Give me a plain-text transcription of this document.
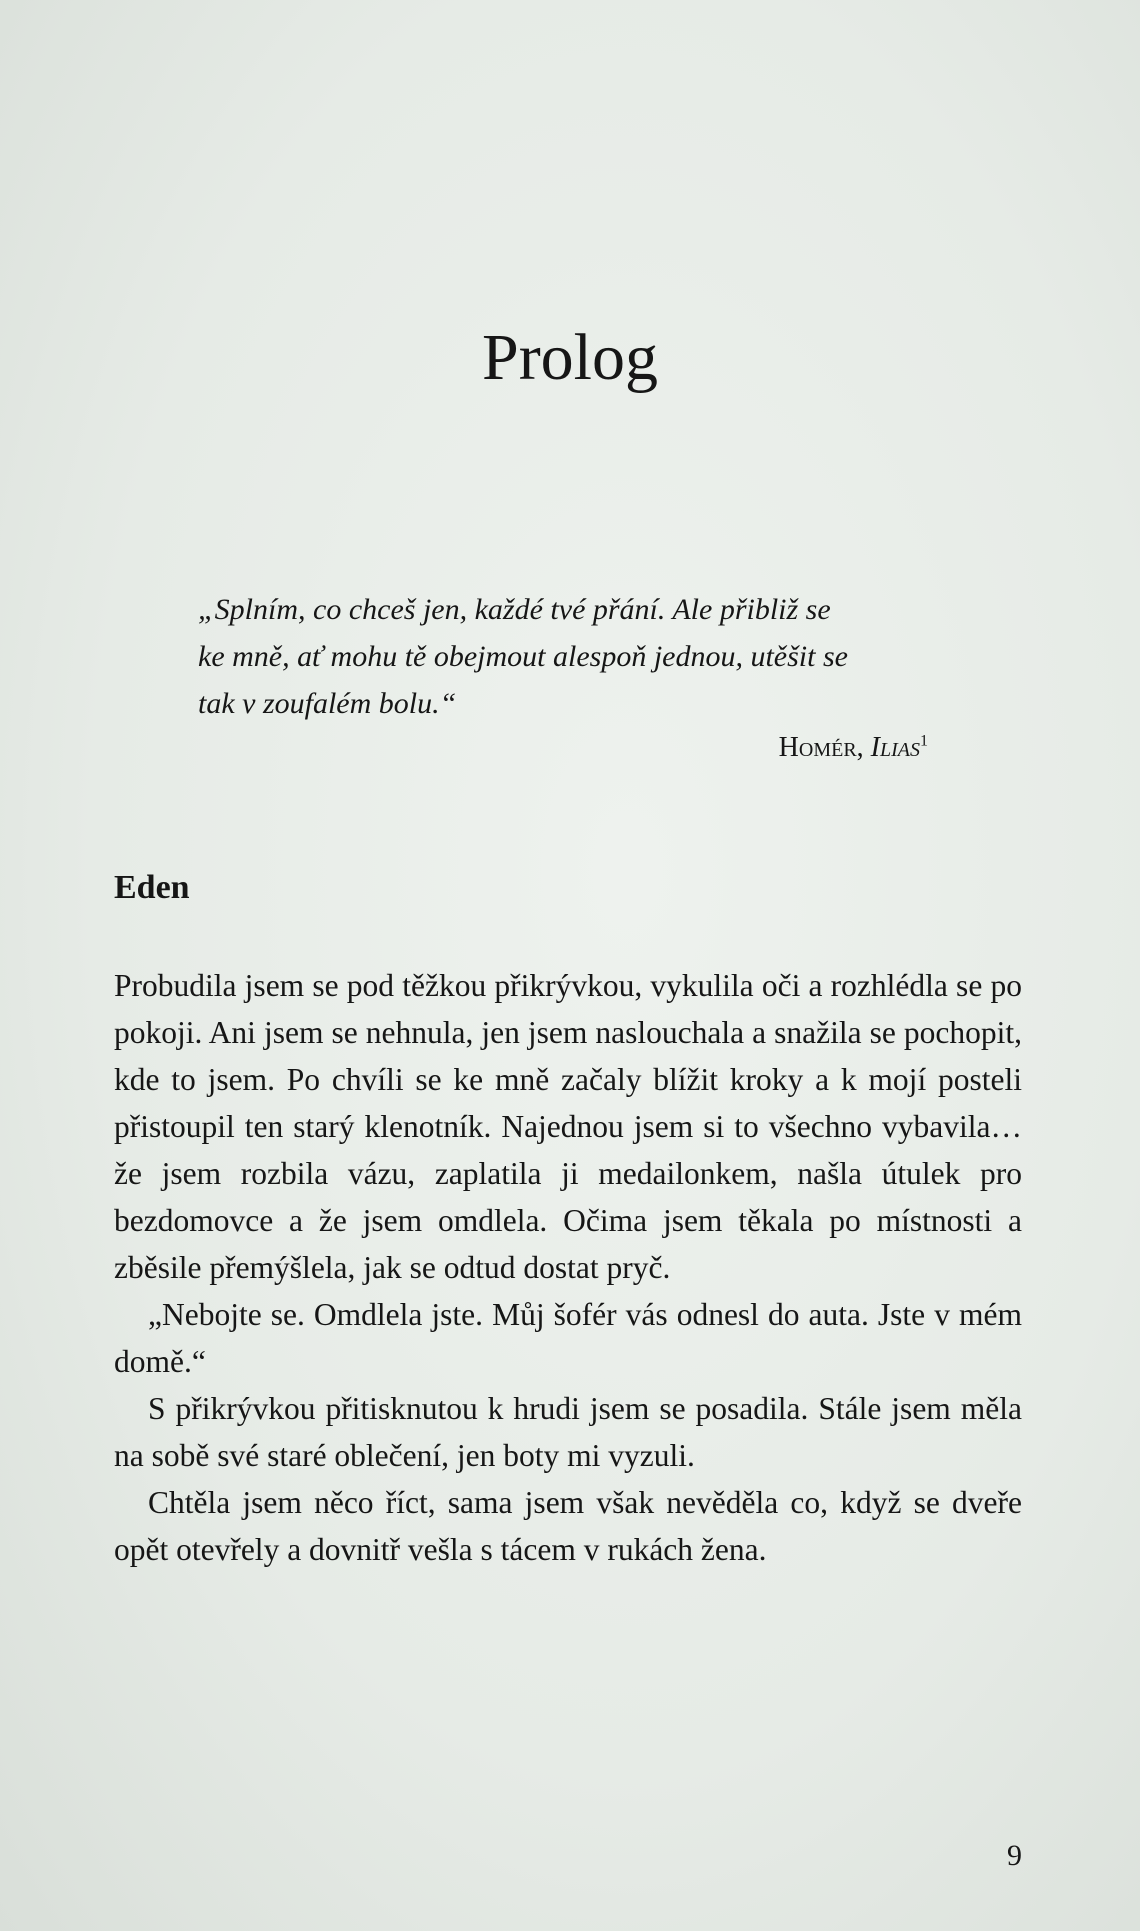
Prolog

„Splním, co chceš jen, každé tvé přání. Ale přibliž se

ke mně, ať mohu tě obejmout alespoň jednou, utěšit se

tak v zoufalém bolu.“

Homér, Ilias$^1$
Eden

Probudila jsem se pod těžkou přikrývkou, vykulila oči a rozhlédla se po pokoji. Ani jsem se nehnula, jen jsem naslouchala a snažila se pochopit, kde to jsem. Po chvíli se ke mně začaly blížit kroky a k mojí posteli přistoupil ten starý klenotník. Najednou jsem si to všechno vybavila… že jsem rozbila vázu, zaplatila ji medailonkem, našla útulek pro bezdomovce a že jsem omdlela. Očima jsem těkala po místnosti a zběsile přemýšlela, jak se odtud dostat pryč.

„Nebojte se. Omdlela jste. Můj šofér vás odnesl do auta. Jste v mém domě.“

S přikrývkou přitisknutou k hrudi jsem se posadila. Stále jsem měla na sobě své staré oblečení, jen boty mi vyzuli.

Chtěla jsem něco říct, sama jsem však nevěděla co, když se dveře opět otevřely a dovnitř vešla s tácem v rukách žena.

9
